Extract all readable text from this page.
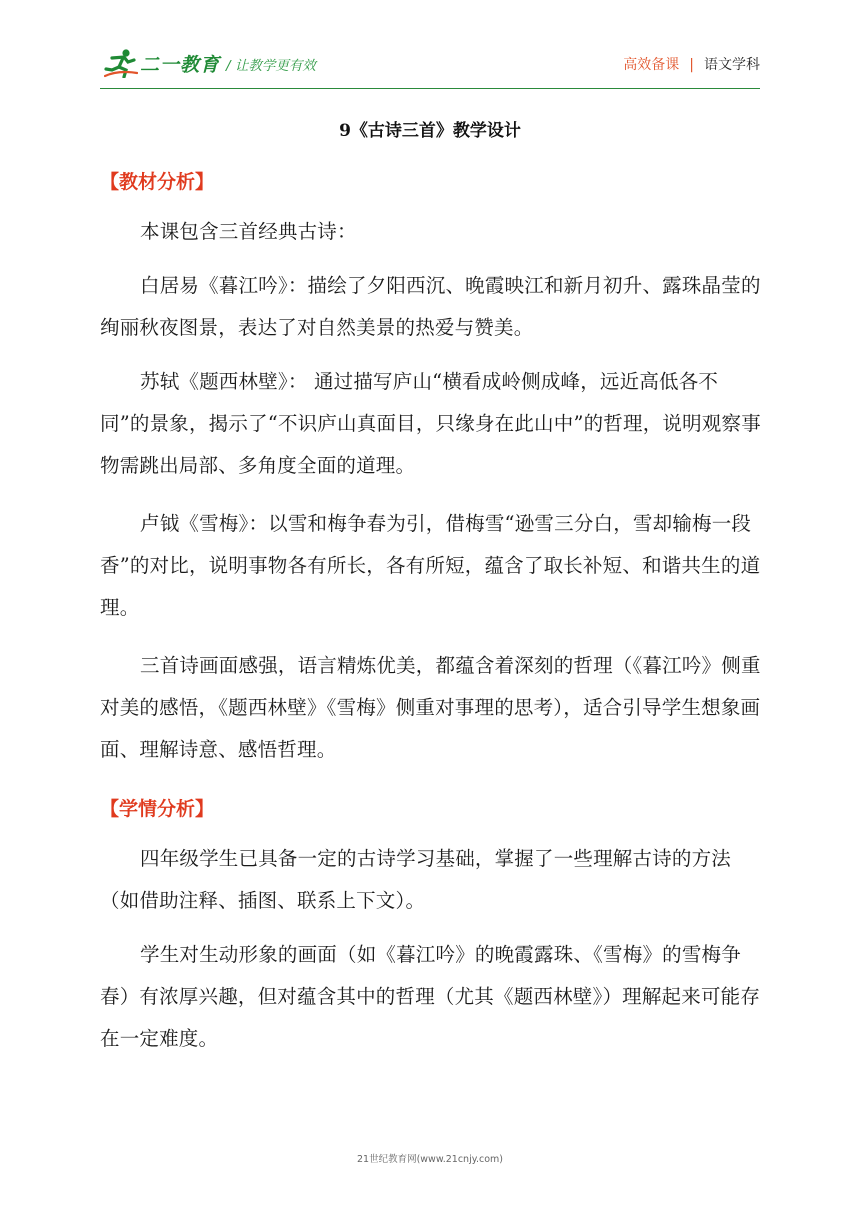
二一教育 / 让教学更有效	高效备课 | 语文学科
9《古诗三首》教学设计
【教材分析】
本课包含三首经典古诗：
白居易《暮江吟》：描绘了夕阳西沉、晚霞映江和新月初升、露珠晶莹的绚丽秋夜图景，表达了对自然美景的热爱与赞美。
苏轼《题西林壁》： 通过描写庐山“横看成岭侧成峰，远近高低各不同”的景象，揭示了“不识庐山真面目，只缘身在此山中”的哲理，说明观察事物需跳出局部、多角度全面的道理。
卢钺《雪梅》：以雪和梅争春为引，借梅雪“逊雪三分白，雪却输梅一段香”的对比，说明事物各有所长，各有所短，蕴含了取长补短、和谐共生的道理。
三首诗画面感强，语言精炼优美，都蕴含着深刻的哲理（《暮江吟》侧重对美的感悟，《题西林壁》《雪梅》侧重对事理的思考），适合引导学生想象画面、理解诗意、感悟哲理。
【学情分析】
四年级学生已具备一定的古诗学习基础，掌握了一些理解古诗的方法（如借助注释、插图、联系上下文）。
学生对生动形象的画面（如《暮江吟》的晚霞露珠、《雪梅》的雪梅争春）有浓厚兴趣，但对蕴含其中的哲理（尤其《题西林壁》）理解起来可能存在一定难度。
21世纪教育网(www.21cnjy.com)
